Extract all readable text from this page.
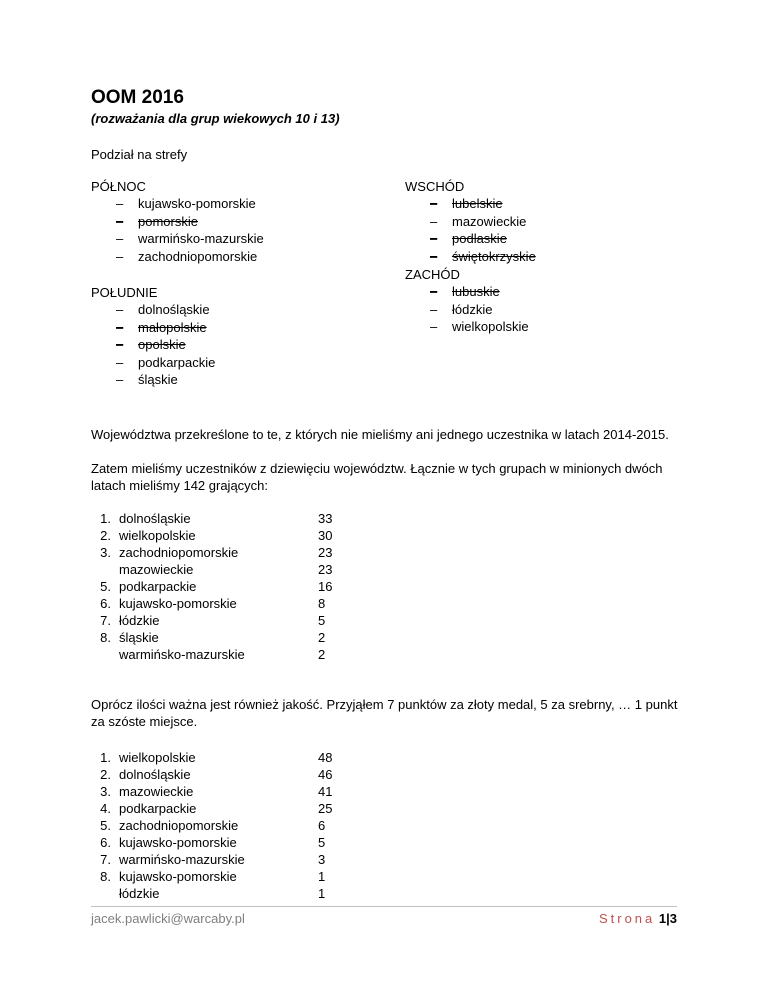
OOM 2016
(rozważania dla grup wiekowych 10 i 13)
Podział na strefy
PÓŁNOC
– kujawsko-pomorskie
– pomorskie
– warmińsko-mazurskie
– zachodniopomorskie
POŁUDNIE
– dolnośląskie
– małopolskie
– opolskie
– podkarpackie
– śląskie
WSCHÓD
– lubelskie
– mazowieckie
– podlaskie
– świętokrzyskie
ZACHÓD
– lubuskie
– łódzkie
– wielkopolskie
Województwa przekreślone to te, z których nie mieliśmy ani jednego uczestnika w latach 2014-2015.
Zatem mieliśmy uczestników z dziewięciu województw. Łącznie w tych grupach w minionych dwóch latach mieliśmy 142 grających:
1. dolnośląskie	33
2. wielkopolskie	30
3. zachodniopomorskie	23
mazowieckie	23
5. podkarpackie	16
6. kujawsko-pomorskie	8
7. łódzkie	5
8. śląskie	2
warmińsko-mazurskie	2
Oprócz ilości ważna jest również jakość. Przyjąłem 7 punktów za złoty medal, 5 za srebrny, … 1 punkt za szóste miejsce.
1. wielkopolskie	48
2. dolnośląskie	46
3. mazowieckie	41
4. podkarpackie	25
5. zachodniopomorskie	6
6. kujawsko-pomorskie	5
7. warmińsko-mazurskie	3
8. kujawsko-pomorskie	1
łódzkie	1
jacek.pawlicki@warcaby.pl	Strona 1|3
